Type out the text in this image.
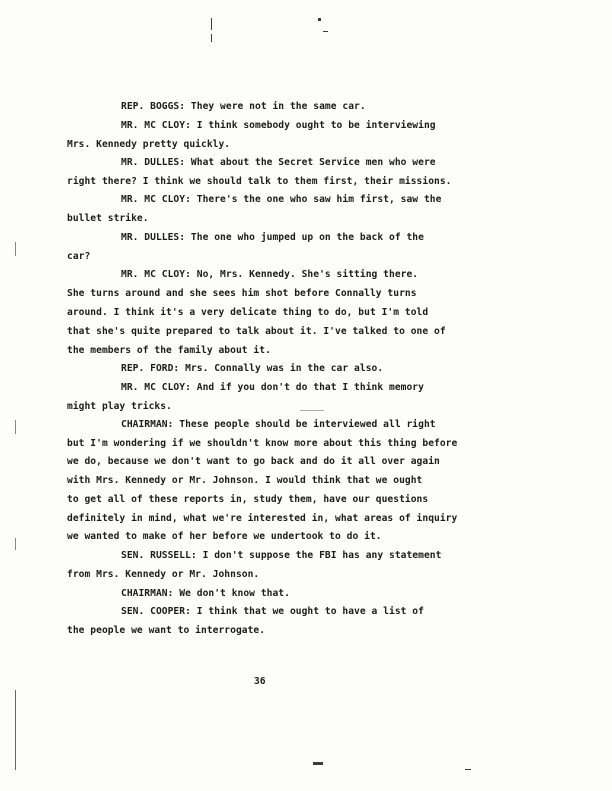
REP. BOGGS: They were not in the same car.
MR. MC CLOY: I think somebody ought to be interviewing
Mrs. Kennedy pretty quickly.
MR. DULLES: What about the Secret Service men who were
right there? I think we should talk to them first, their missions.
MR. MC CLOY: There's the one who saw him first, saw the
bullet strike.
MR. DULLES: The one who jumped up on the back of the
car?
MR. MC CLOY: No, Mrs. Kennedy. She's sitting there.
She turns around and she sees him shot before Connally turns
around. I think it's a very delicate thing to do, but I'm told
that she's quite prepared to talk about it. I've talked to one of
the members of the family about it.
REP. FORD: Mrs. Connally was in the car also.
MR. MC CLOY: And if you don't do that I think memory
might play tricks.
CHAIRMAN: These people should be interviewed all right
but I'm wondering if we shouldn't know more about this thing before
we do, because we don't want to go back and do it all over again
with Mrs. Kennedy or Mr. Johnson. I would think that we ought
to get all of these reports in, study them, have our questions
definitely in mind, what we're interested in, what areas of inquiry
we wanted to make of her before we undertook to do it.
SEN. RUSSELL: I don't suppose the FBI has any statement
from Mrs. Kennedy or Mr. Johnson.
CHAIRMAN: We don't know that.
SEN. COOPER: I think that we ought to have a list of
the people we want to interrogate.
36
